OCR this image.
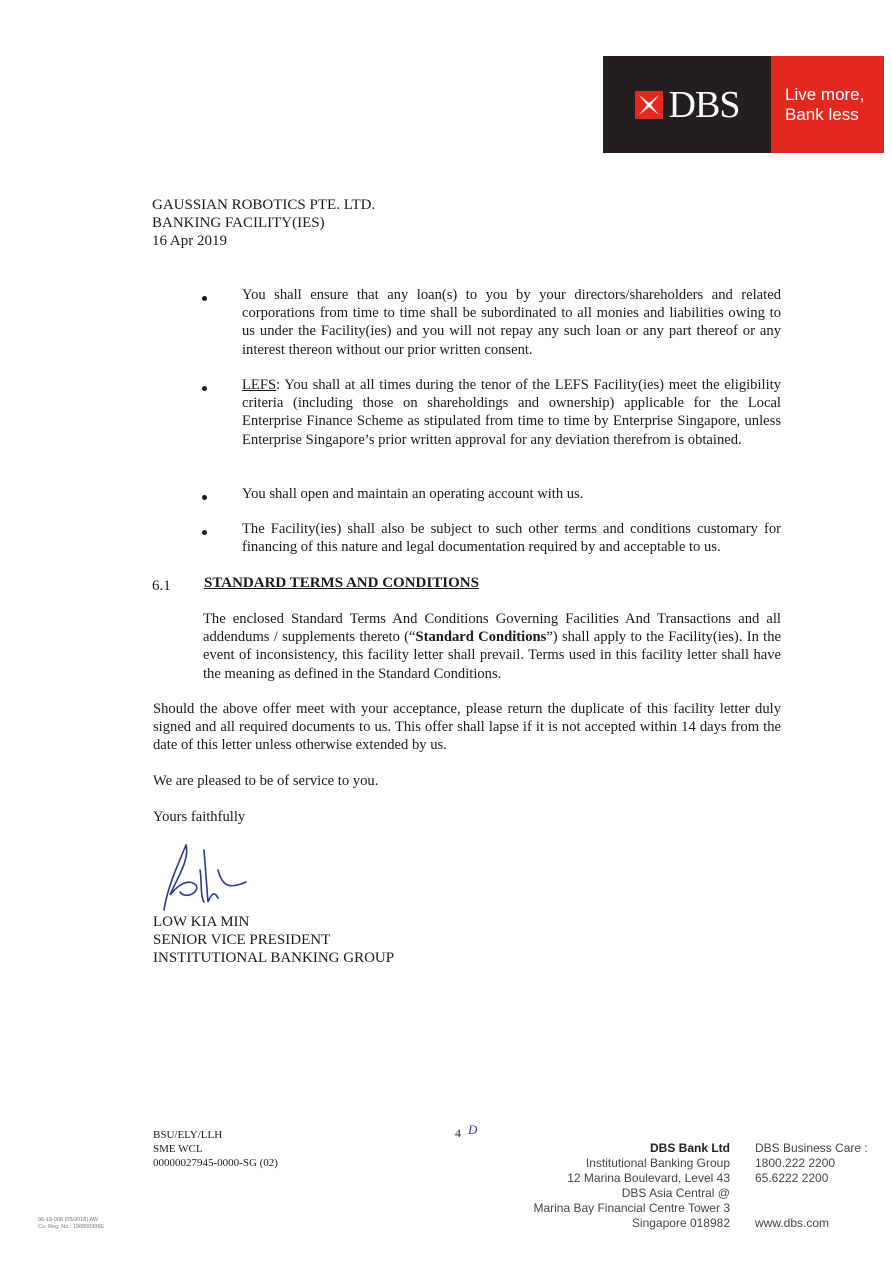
DBS	Live more,
Bank less
GAUSSIAN ROBOTICS PTE. LTD.
BANKING FACILITY(IES)
16 Apr 2019
You shall ensure that any loan(s) to you by your directors/shareholders and related corporations from time to time shall be subordinated to all monies and liabilities owing to us under the Facility(ies) and you will not repay any such loan or any part thereof or any interest thereon without our prior written consent.
LEFS: You shall at all times during the tenor of the LEFS Facility(ies) meet the eligibility criteria (including those on shareholdings and ownership) applicable for the Local Enterprise Finance Scheme as stipulated from time to time by Enterprise Singapore, unless Enterprise Singapore’s prior written approval for any deviation therefrom is obtained.
You shall open and maintain an operating account with us.
The Facility(ies) shall also be subject to such other terms and conditions customary for financing of this nature and legal documentation required by and acceptable to us.
6.1 STANDARD TERMS AND CONDITIONS
The enclosed Standard Terms And Conditions Governing Facilities And Transactions and all addendums / supplements thereto (“Standard Conditions”) shall apply to the Facility(ies). In the event of inconsistency, this facility letter shall prevail. Terms used in this facility letter shall have the meaning as defined in the Standard Conditions.
Should the above offer meet with your acceptance, please return the duplicate of this facility letter duly signed and all required documents to us. This offer shall lapse if it is not accepted within 14 days from the date of this letter unless otherwise extended by us.
We are pleased to be of service to you.
Yours faithfully
LOW KIA MIN
SENIOR VICE PRESIDENT
INSTITUTIONAL BANKING GROUP
BSU/ELY/LLH
SME WCL
00000027945-0000-SG (02)
4 D
DBS Bank Ltd
Institutional Banking Group
12 Marina Boulevard, Level 43
DBS Asia Central @
Marina Bay Financial Centre Tower 3
Singapore 018982
DBS Business Care :
1800.222 2200
65.6222 2200
www.dbs.com
06-18-008 (05/2018) AW
Co. Reg. No.: 196800306E
